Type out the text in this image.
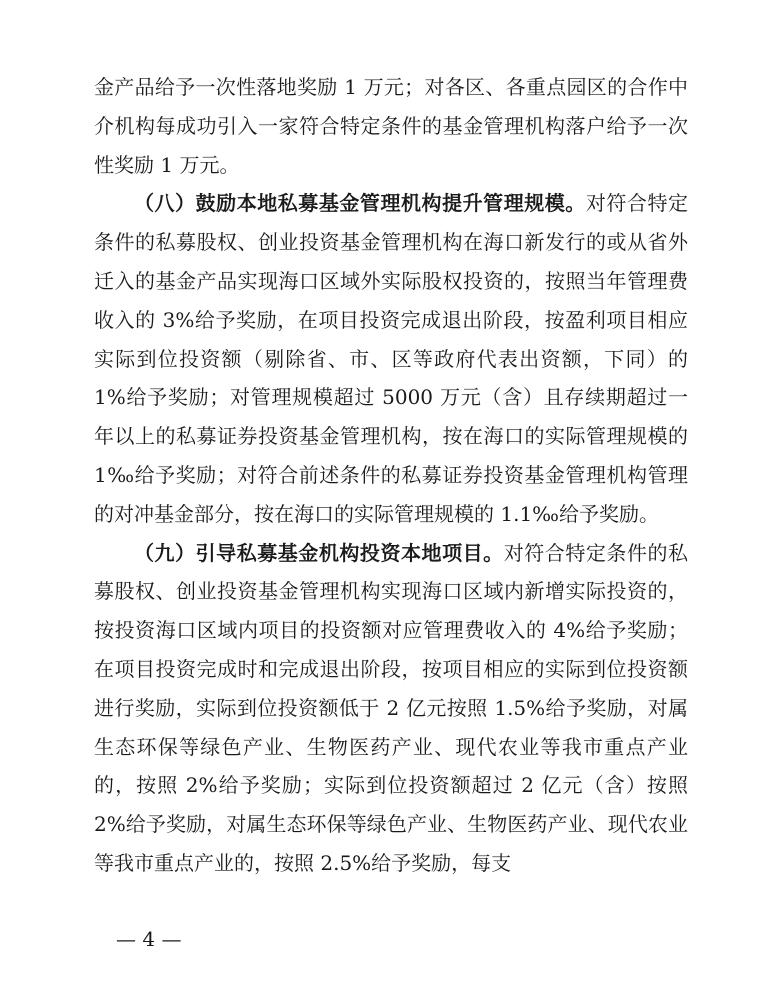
金产品给予一次性落地奖励 1 万元；对各区、各重点园区的合作中介机构每成功引入一家符合特定条件的基金管理机构落户给予一次性奖励 1 万元。

（八）鼓励本地私募基金管理机构提升管理规模。对符合特定条件的私募股权、创业投资基金管理机构在海口新发行的或从省外迁入的基金产品实现海口区域外实际股权投资的，按照当年管理费收入的 3%给予奖励，在项目投资完成退出阶段，按盈利项目相应实际到位投资额（剔除省、市、区等政府代表出资额，下同）的 1%给予奖励；对管理规模超过 5000 万元（含）且存续期超过一年以上的私募证券投资基金管理机构，按在海口的实际管理规模的 1‰给予奖励；对符合前述条件的私募证券投资基金管理机构管理的对冲基金部分，按在海口的实际管理规模的 1.1‰给予奖励。

（九）引导私募基金机构投资本地项目。对符合特定条件的私募股权、创业投资基金管理机构实现海口区域内新增实际投资的，按投资海口区域内项目的投资额对应管理费收入的 4%给予奖励；在项目投资完成时和完成退出阶段，按项目相应的实际到位投资额进行奖励，实际到位投资额低于 2 亿元按照 1.5%给予奖励，对属生态环保等绿色产业、生物医药产业、现代农业等我市重点产业的，按照 2%给予奖励；实际到位投资额超过 2 亿元（含）按照 2%给予奖励，对属生态环保等绿色产业、生物医药产业、现代农业等我市重点产业的，按照 2.5%给予奖励，每支

— 4 —
